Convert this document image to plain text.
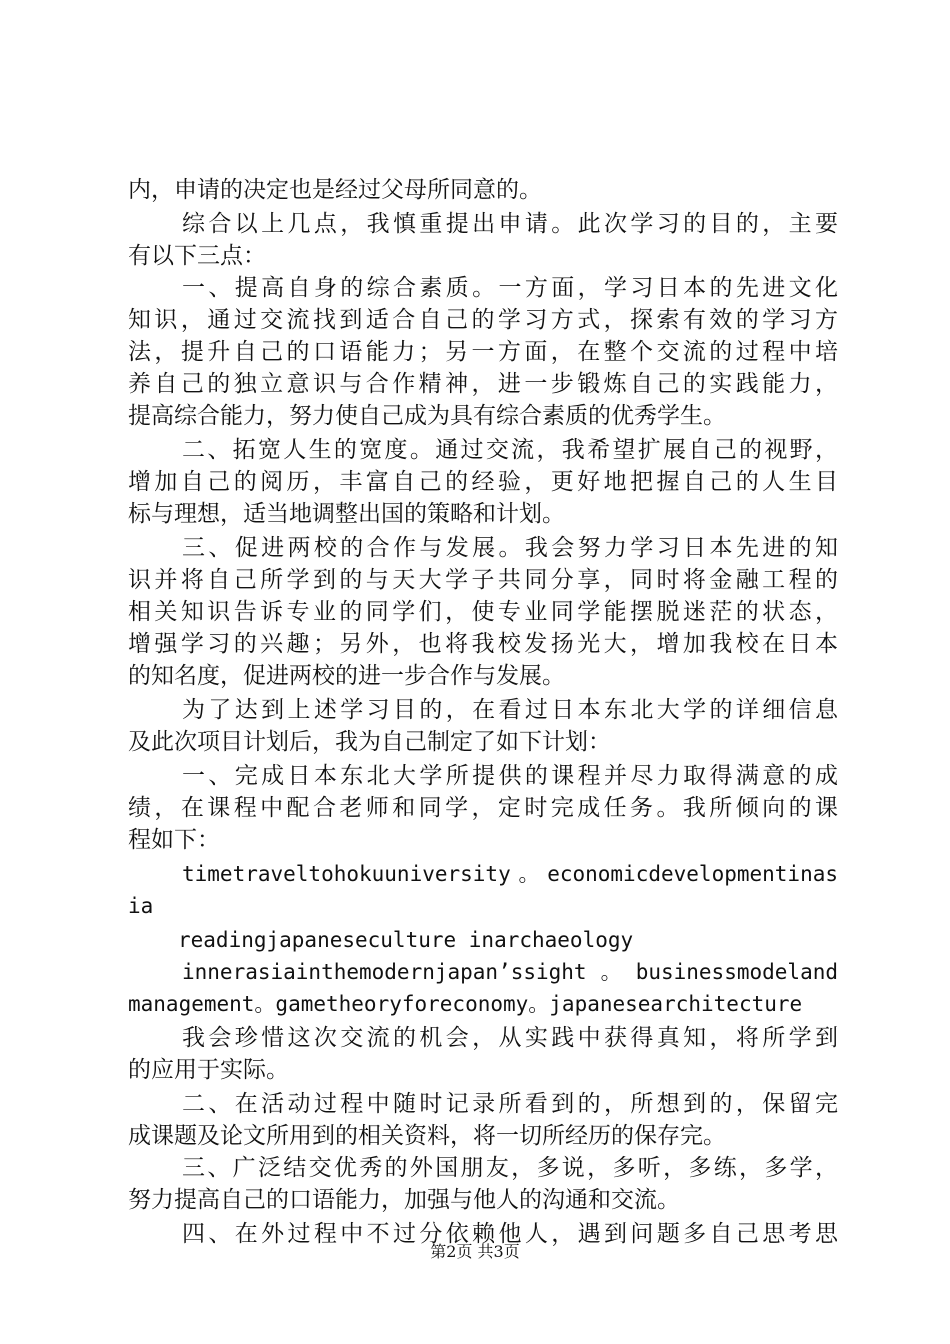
内，申请的决定也是经过父母所同意的。
综合以上几点，我慎重提出申请。此次学习的目的，主要
有以下三点：
一、提高自身的综合素质。一方面，学习日本的先进文化
知识，通过交流找到适合自己的学习方式，探索有效的学习方
法，提升自己的口语能力；另一方面，在整个交流的过程中培
养自己的独立意识与合作精神，进一步锻炼自己的实践能力，
提高综合能力，努力使自己成为具有综合素质的优秀学生。
二、拓宽人生的宽度。通过交流，我希望扩展自己的视野，
增加自己的阅历，丰富自己的经验，更好地把握自己的人生目
标与理想，适当地调整出国的策略和计划。
三、促进两校的合作与发展。我会努力学习日本先进的知
识并将自己所学到的与天大学子共同分享，同时将金融工程的
相关知识告诉专业的同学们，使专业同学能摆脱迷茫的状态，
增强学习的兴趣；另外，也将我校发扬光大，增加我校在日本
的知名度，促进两校的进一步合作与发展。
为了达到上述学习目的，在看过日本东北大学的详细信息
及此次项目计划后，我为自己制定了如下计划：
一、完成日本东北大学所提供的课程并尽力取得满意的成
绩，在课程中配合老师和同学，定时完成任务。我所倾向的课
程如下：
timetraveltohokuuniversity。economicdevelopmentinas
ia
readingjapaneseculture inarchaeology
innerasiainthemodernjapan’ssight。businessmodeland
management。gametheoryforeconomy。japanesearchitecture
我会珍惜这次交流的机会，从实践中获得真知，将所学到
的应用于实际。
二、在活动过程中随时记录所看到的，所想到的，保留完
成课题及论文所用到的相关资料，将一切所经历的保存完。
三、广泛结交优秀的外国朋友，多说，多听，多练，多学，
努力提高自己的口语能力，加强与他人的沟通和交流。
四、在外过程中不过分依赖他人，遇到问题多自己思考思
第2页 共3页
